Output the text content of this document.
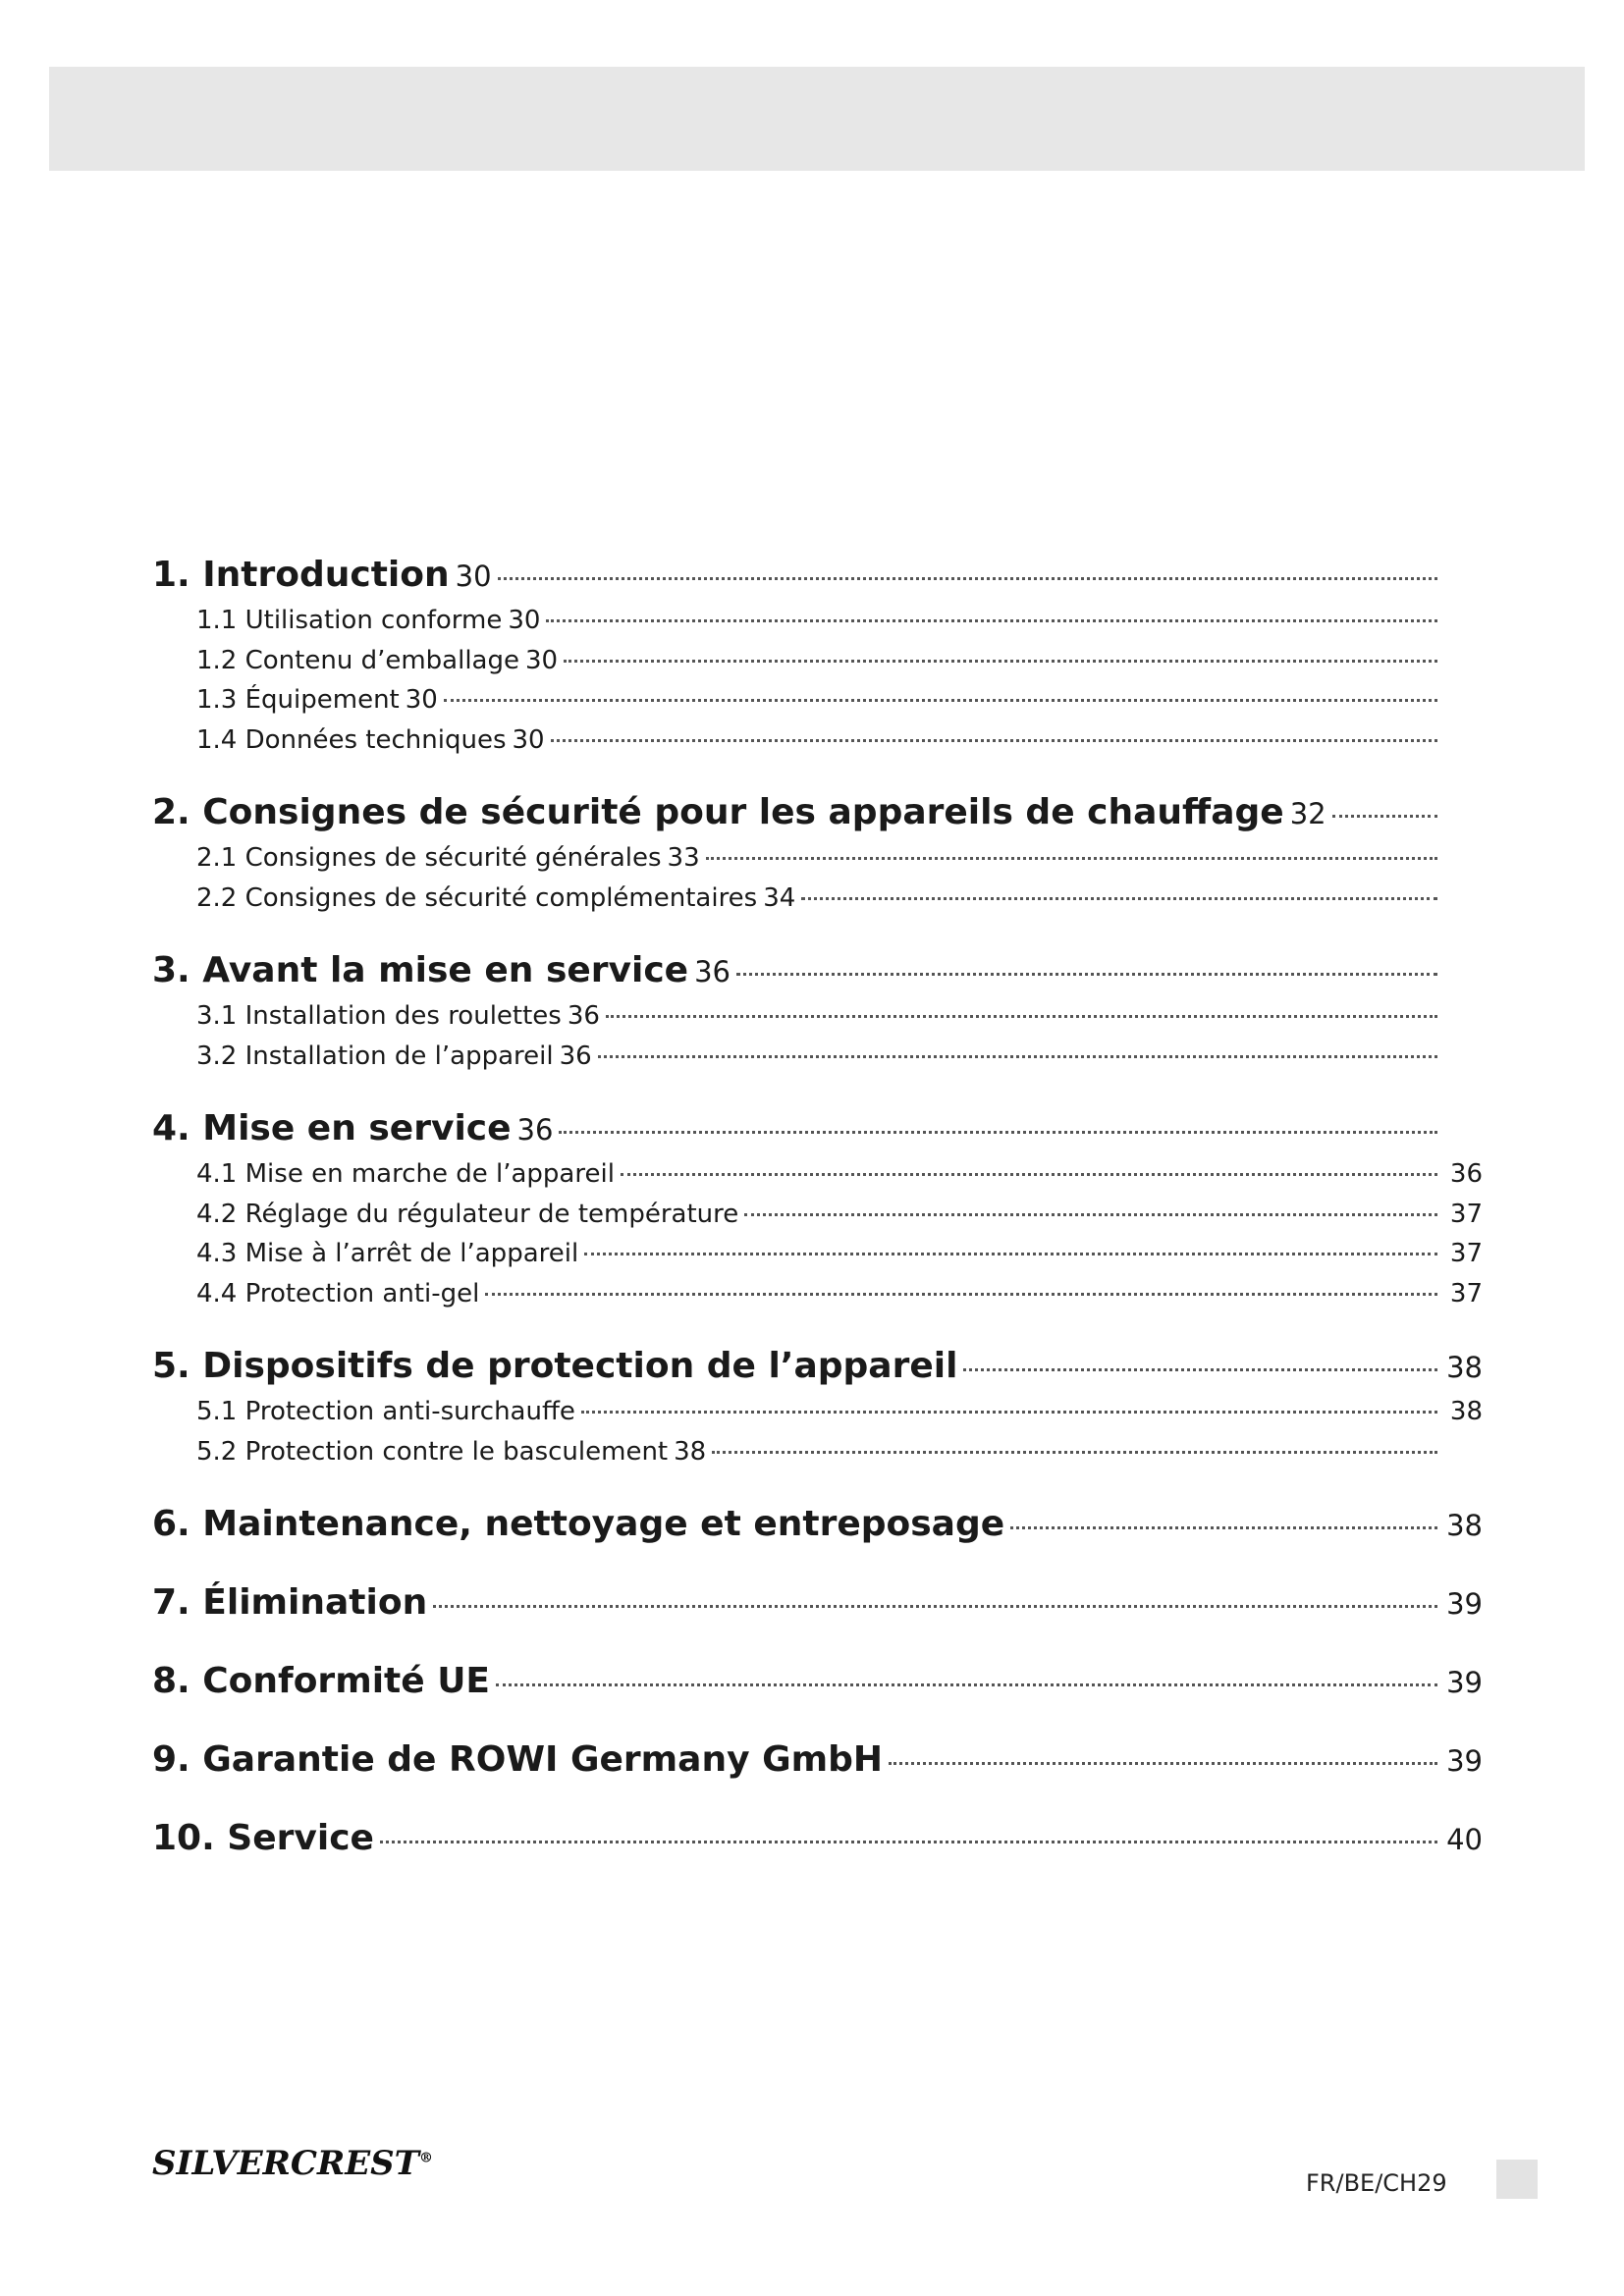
1. Introduction 30
1.1 Utilisation conforme 30
1.2 Contenu d’emballage 30
1.3 Équipement 30
1.4 Données techniques 30
2. Consignes de sécurité pour les appareils de chauffage 32
2.1 Consignes de sécurité générales 33
2.2 Consignes de sécurité complémentaires 34
3. Avant la mise en service 36
3.1 Installation des roulettes 36
3.2 Installation de l’appareil 36
4. Mise en service 36
4.1 Mise en marche de l’appareil	36
4.2 Réglage du régulateur de température	37
4.3 Mise à l’arrêt de l’appareil	37
4.4 Protection anti-gel	37
5. Dispositifs de protection de l’appareil	38
5.1 Protection anti-surchauffe	38
5.2 Protection contre le basculement 38
6. Maintenance, nettoyage et entreposage	38
7. Élimination	39
8. Conformité UE	39
9. Garantie de ROWI Germany GmbH	39
10. Service	40
SILVERCREST®
FR/BE/CH29
